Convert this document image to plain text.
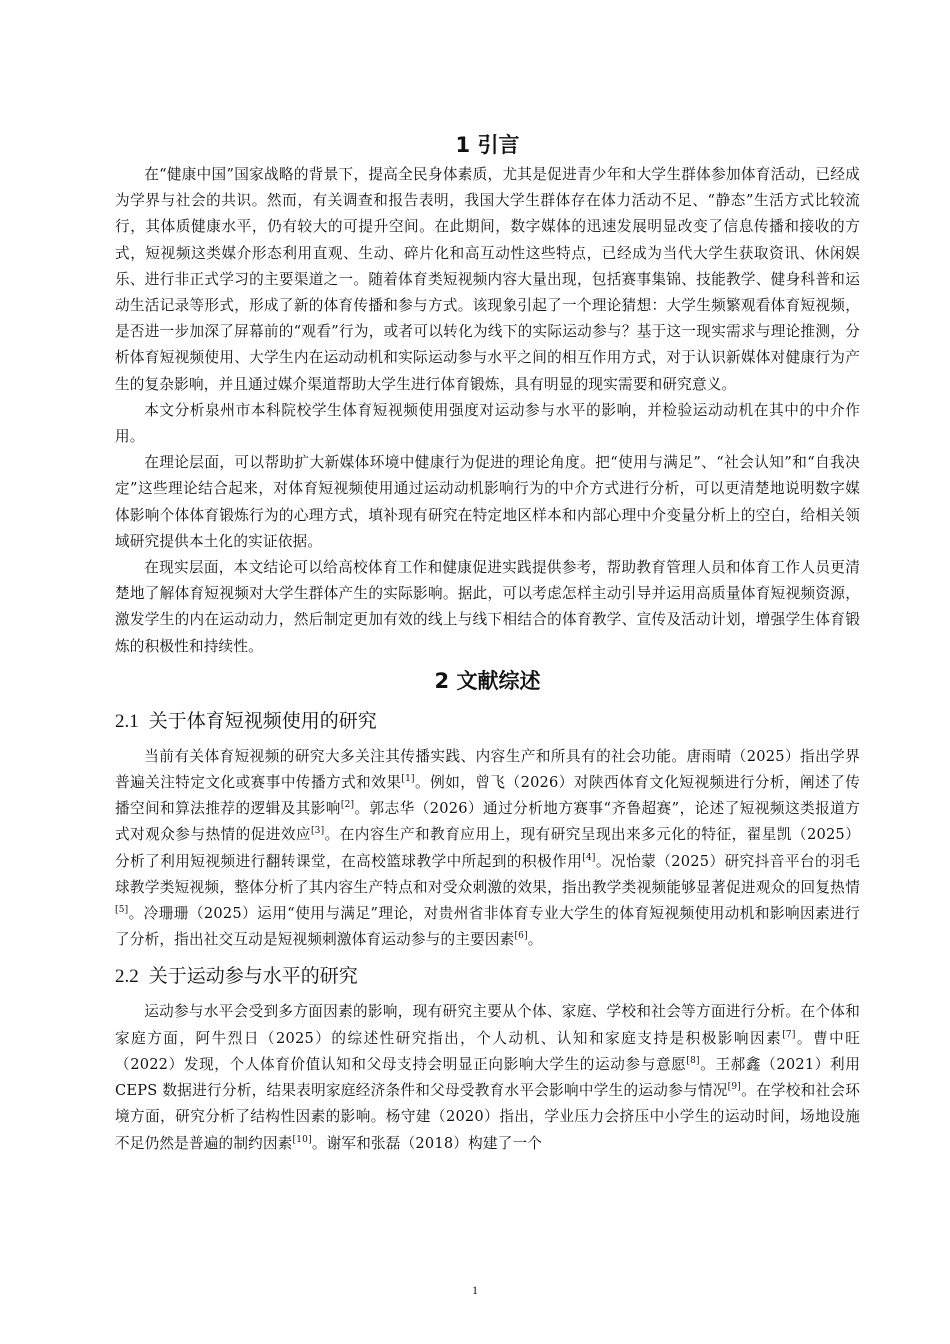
1 引言

在“健康中国”国家战略的背景下，提高全民身体素质，尤其是促进青少年和大学生群体参加体育活动，已经成为学界与社会的共识。然而，有关调查和报告表明，我国大学生群体存在体力活动不足、“静态”生活方式比较流行，其体质健康水平，仍有较大的可提升空间。在此期间，数字媒体的迅速发展明显改变了信息传播和接收的方式，短视频这类媒介形态利用直观、生动、碎片化和高互动性这些特点，已经成为当代大学生获取资讯、休闲娱乐、进行非正式学习的主要渠道之一。随着体育类短视频内容大量出现，包括赛事集锦、技能教学、健身科普和运动生活记录等形式，形成了新的体育传播和参与方式。该现象引起了一个理论猜想：大学生频繁观看体育短视频，是否进一步加深了屏幕前的“观看”行为，或者可以转化为线下的实际运动参与？基于这一现实需求与理论推测，分析体育短视频使用、大学生内在运动动机和实际运动参与水平之间的相互作用方式，对于认识新媒体对健康行为产生的复杂影响，并且通过媒介渠道帮助大学生进行体育锻炼，具有明显的现实需要和研究意义。

本文分析泉州市本科院校学生体育短视频使用强度对运动参与水平的影响，并检验运动动机在其中的中介作用。

在理论层面，可以帮助扩大新媒体环境中健康行为促进的理论角度。把“使用与满足”、“社会认知”和“自我决定”这些理论结合起来，对体育短视频使用通过运动动机影响行为的中介方式进行分析，可以更清楚地说明数字媒体影响个体体育锻炼行为的心理方式，填补现有研究在特定地区样本和内部心理中介变量分析上的空白，给相关领域研究提供本土化的实证依据。

在现实层面，本文结论可以给高校体育工作和健康促进实践提供参考，帮助教育管理人员和体育工作人员更清楚地了解体育短视频对大学生群体产生的实际影响。据此，可以考虑怎样主动引导并运用高质量体育短视频资源，激发学生的内在运动动力，然后制定更加有效的线上与线下相结合的体育教学、宣传及活动计划，增强学生体育锻炼的积极性和持续性。

2 文献综述
2.1 关于体育短视频使用的研究

当前有关体育短视频的研究大多关注其传播实践、内容生产和所具有的社会功能。唐雨晴（2025）指出学界普遍关注特定文化或赛事中传播方式和效果[1]。例如，曾飞（2026）对陕西体育文化短视频进行分析，阐述了传播空间和算法推荐的逻辑及其影响[2]。郭志华（2026）通过分析地方赛事“齐鲁超赛”，论述了短视频这类报道方式对观众参与热情的促进效应[3]。在内容生产和教育应用上，现有研究呈现出来多元化的特征，翟星凯（2025）分析了利用短视频进行翻转课堂，在高校篮球教学中所起到的积极作用[4]。况怡蒙（2025）研究抖音平台的羽毛球教学类短视频，整体分析了其内容生产特点和对受众刺激的效果，指出教学类视频能够显著促进观众的回复热情[5]。冷珊珊（2025）运用“使用与满足”理论，对贵州省非体育专业大学生的体育短视频使用动机和影响因素进行了分析，指出社交互动是短视频刺激体育运动参与的主要因素[6]。

2.2 关于运动参与水平的研究

运动参与水平会受到多方面因素的影响，现有研究主要从个体、家庭、学校和社会等方面进行分析。在个体和家庭方面，阿牛烈日（2025）的综述性研究指出，个人动机、认知和家庭支持是积极影响因素[7]。曹中旺（2022）发现，个人体育价值认知和父母支持会明显正向影响大学生的运动参与意愿[8]。王郝鑫（2021）利用 CEPS 数据进行分析，结果表明家庭经济条件和父母受教育水平会影响中学生的运动参与情况[9]。在学校和社会环境方面，研究分析了结构性因素的影响。杨守建（2020）指出，学业压力会挤压中小学生的运动时间，场地设施不足仍然是普遍的制约因素[10]。谢军和张磊（2018）构建了一个

1
